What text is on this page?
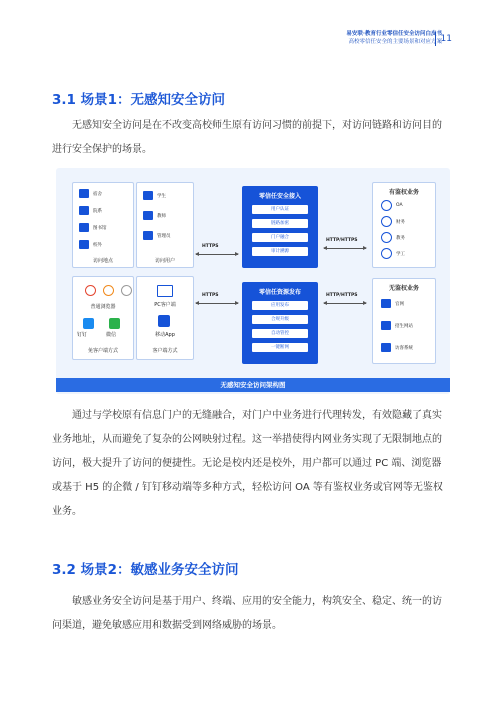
易安联·教育行业零信任安全访问白皮书
高校零信任安全的主要场景和对应方案
11
3.1 场景1：无感知安全访问

无感知安全访问是在不改变高校师生原有访问习惯的前提下，对访问链路和访问目的进行安全保护的场景。

宿舍
院系
图书馆
校外
访问地点
学生
教师
管理员
访问用户
普通浏览器
钉钉	微信
免客户端方式
PC客户端
移动App
客户端方式
HTTPS
HTTPS
零信任安全接入
用户认证
链路加密
门户融合
审计溯源
零信任资源发布
应用发布
合规升级
自动管控
一键断网
HTTP/HTTPS
HTTP/HTTPS
有鉴权业务
OA
财务
教务
学工
无鉴权业务
官网
招生网站
访客系统
无感知安全访问架构图

通过与学校原有信息门户的无缝融合，对门户中业务进行代理转发，有效隐藏了真实业务地址，从而避免了复杂的公网映射过程。这一举措使得内网业务实现了无限制地点的访问，极大提升了访问的便捷性。无论是校内还是校外，用户都可以通过 PC 端、浏览器或基于 H5 的企微 / 钉钉移动端等多种方式，轻松访问 OA 等有鉴权业务或官网等无鉴权业务。

3.2 场景2：敏感业务安全访问

敏感业务安全访问是基于用户、终端、应用的安全能力，构筑安全、稳定、统一的访问渠道，避免敏感应用和数据受到网络威胁的场景。
